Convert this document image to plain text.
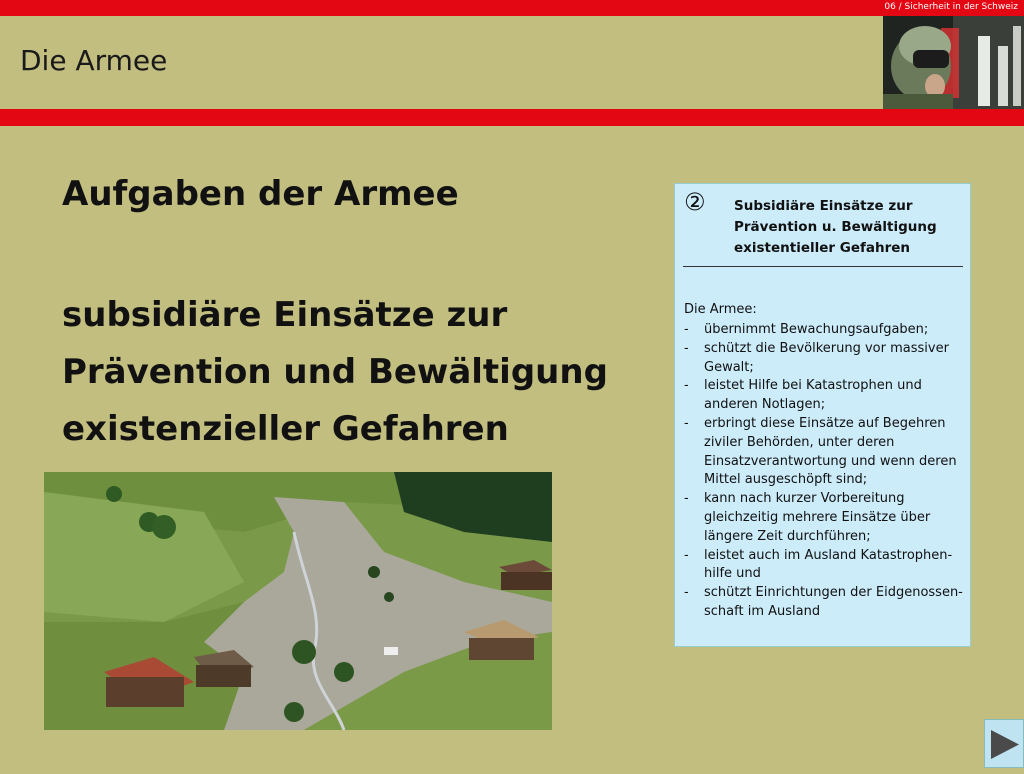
06 / Sicherheit in der Schweiz
Die Armee
Aufgaben der Armee
subsidiäre Einsätze zur
Prävention und Bewältigung
existenzieller Gefahren
② Subsidiäre Einsätze zur Prävention u. Bewältigung existentieller Gefahren
Die Armee:
- übernimmt Bewachungsaufgaben;
- schützt die Bevölkerung vor massiver Gewalt;
- leistet Hilfe bei Katastrophen und anderen Notlagen;
- erbringt diese Einsätze auf Begehren ziviler Behörden, unter deren Einsatzverantwortung und wenn deren Mittel ausgeschöpft sind;
- kann nach kurzer Vorbereitung gleichzeitig mehrere Einsätze über längere Zeit durchführen;
- leistet auch im Ausland Katastrophen-hilfe und
- schützt Einrichtungen der Eidgenossen-schaft im Ausland
